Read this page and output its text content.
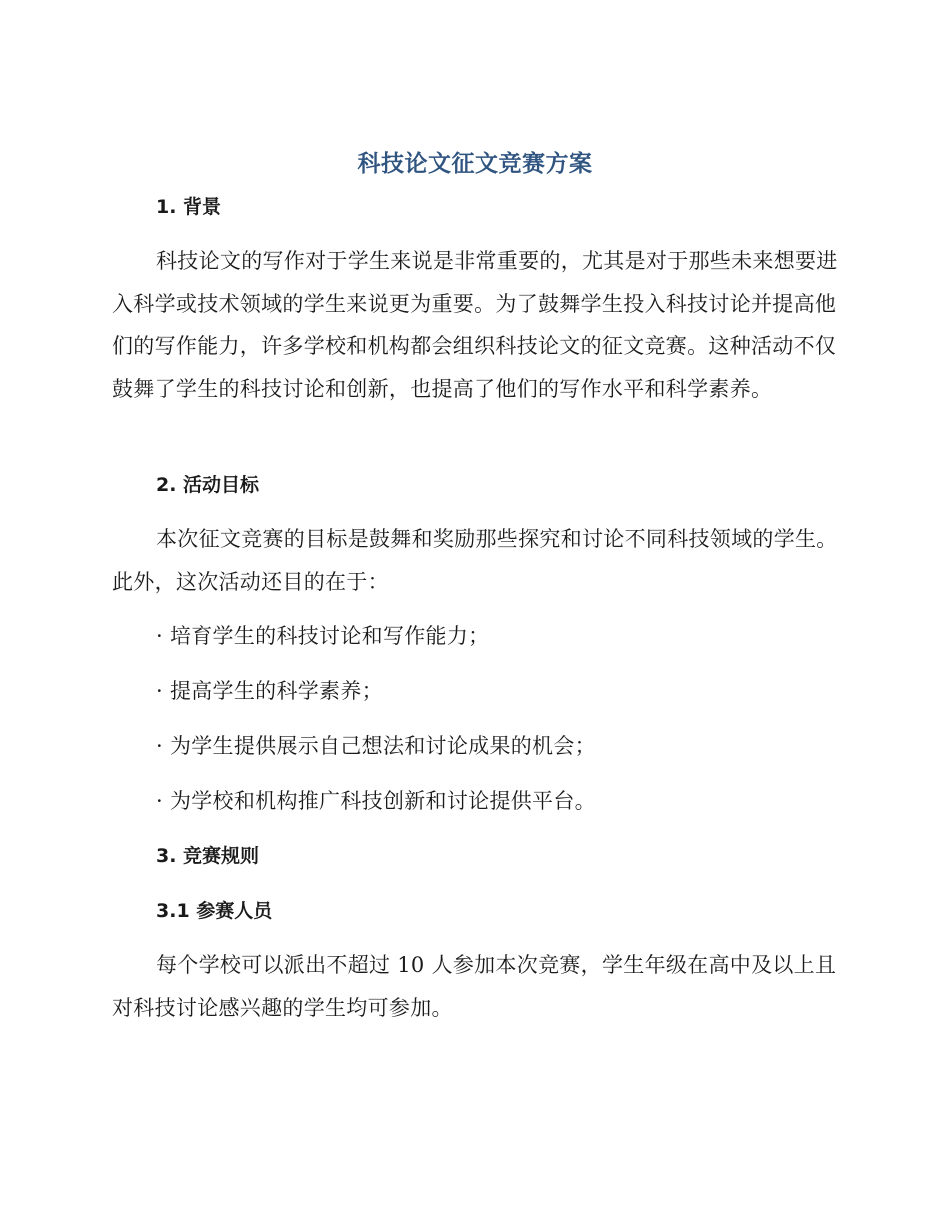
科技论文征文竞赛方案
1. 背景
科技论文的写作对于学生来说是非常重要的，尤其是对于那些未来想要进入科学或技术领域的学生来说更为重要。为了鼓舞学生投入科技讨论并提高他们的写作能力，许多学校和机构都会组织科技论文的征文竞赛。这种活动不仅鼓舞了学生的科技讨论和创新，也提高了他们的写作水平和科学素养。
2. 活动目标
本次征文竞赛的目标是鼓舞和奖励那些探究和讨论不同科技领域的学生。此外，这次活动还目的在于：
· 培育学生的科技讨论和写作能力；
· 提高学生的科学素养；
· 为学生提供展示自己想法和讨论成果的机会；
· 为学校和机构推广科技创新和讨论提供平台。
3. 竞赛规则
3.1 参赛人员
每个学校可以派出不超过 10 人参加本次竞赛，学生年级在高中及以上且对科技讨论感兴趣的学生均可参加。
